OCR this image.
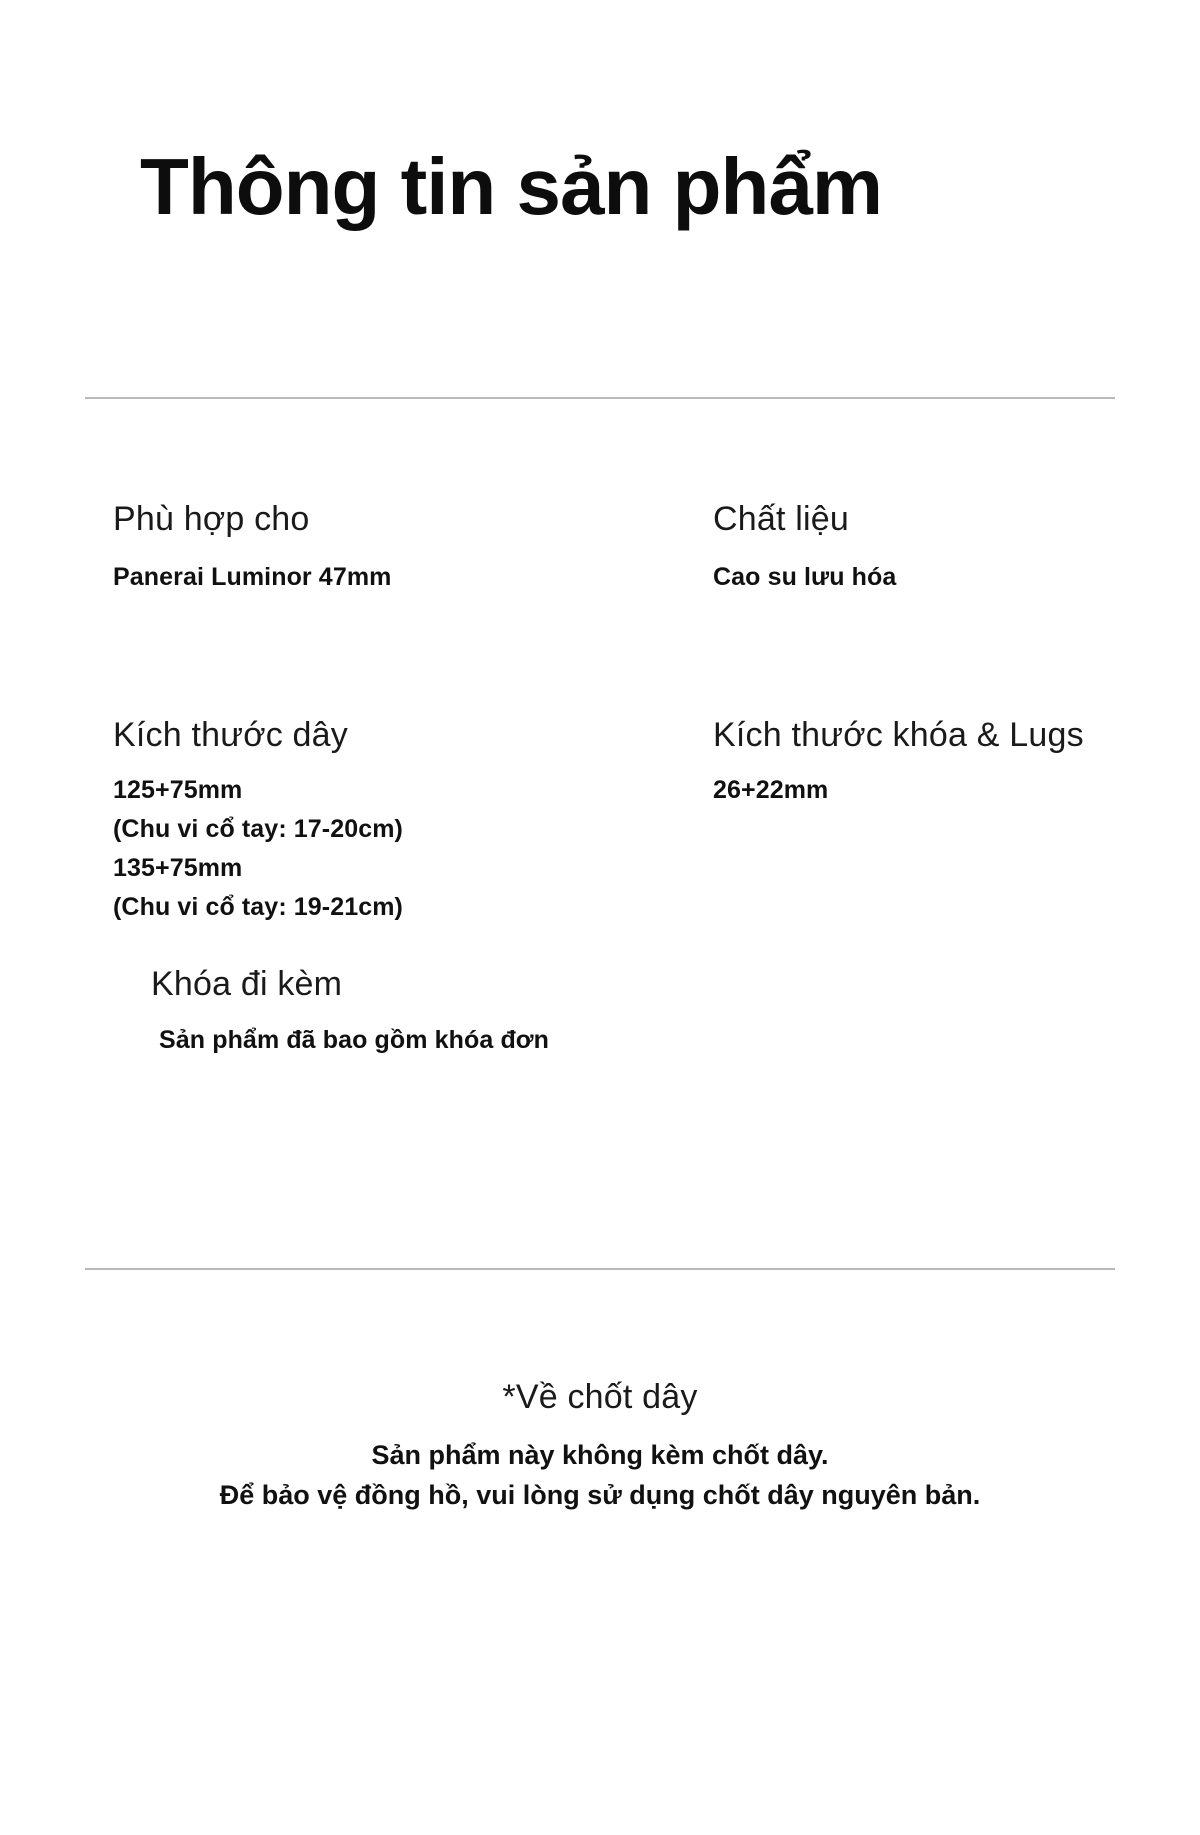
Thông tin sản phẩm

Phù hợp cho

Panerai Luminor 47mm

Chất liệu

Cao su lưu hóa

Kích thước dây

125+75mm

(Chu vi cổ tay: 17-20cm)

135+75mm

(Chu vi cổ tay: 19-21cm)

Khóa đi kèm

Sản phẩm đã bao gồm khóa đơn

Kích thước khóa & Lugs

26+22mm

*Về chốt dây

Sản phẩm này không kèm chốt dây.

Để bảo vệ đồng hồ, vui lòng sử dụng chốt dây nguyên bản.
